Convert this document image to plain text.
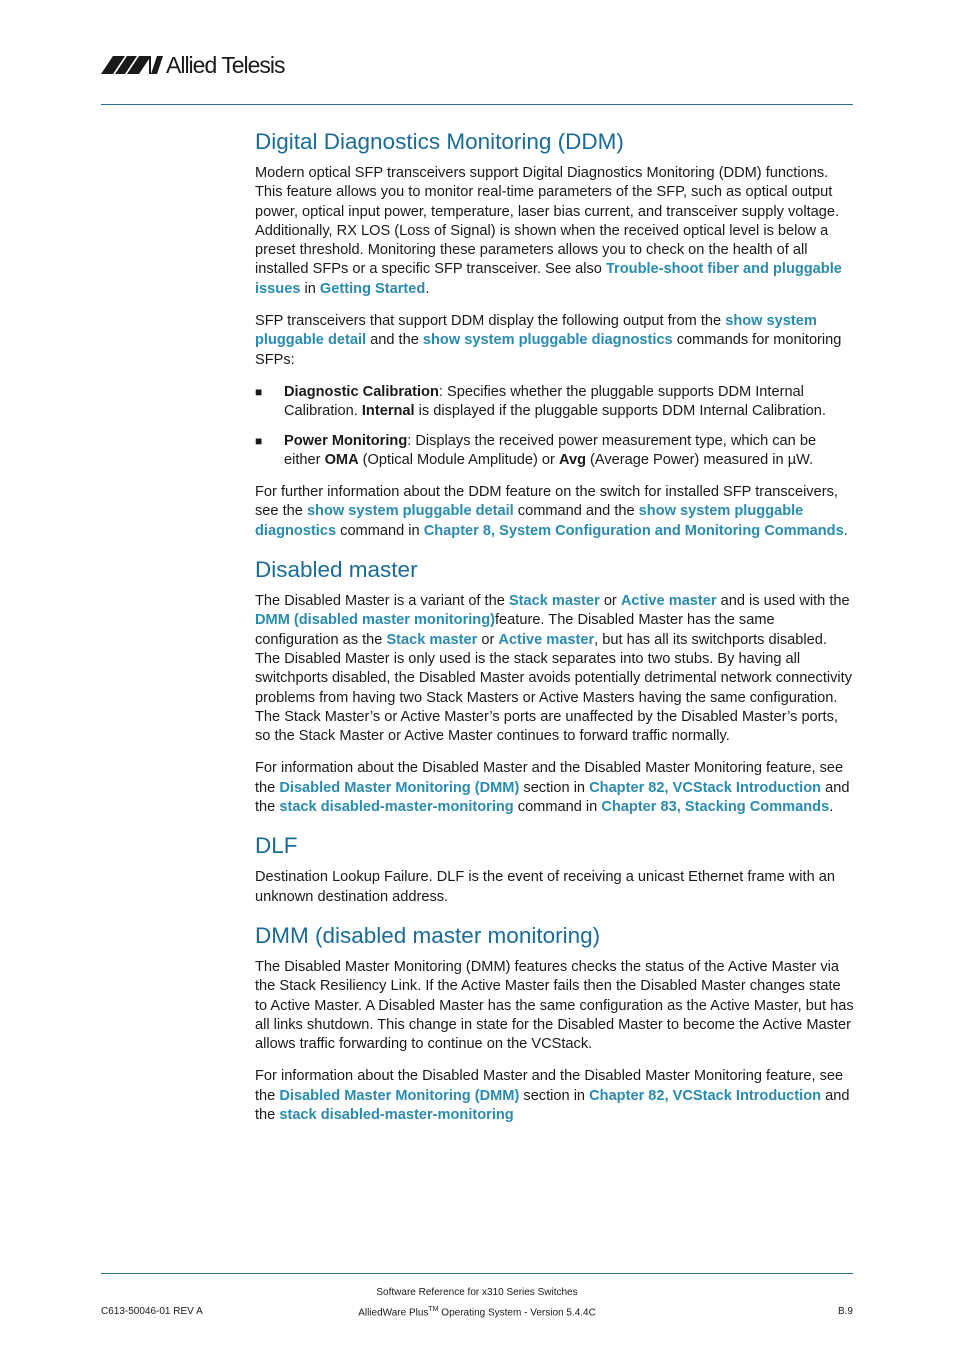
Allied Telesis
Digital Diagnostics Monitoring (DDM)

Modern optical SFP transceivers support Digital Diagnostics Monitoring (DDM) functions. This feature allows you to monitor real-time parameters of the SFP, such as optical output power, optical input power, temperature, laser bias current, and transceiver supply voltage. Additionally, RX LOS (Loss of Signal) is shown when the received optical level is below a preset threshold. Monitoring these parameters allows you to check on the health of all installed SFPs or a specific SFP transceiver. See also Trouble-shoot fiber and pluggable issues in Getting Started.

SFP transceivers that support DDM display the following output from the show system pluggable detail and the show system pluggable diagnostics commands for monitoring SFPs:

■ Diagnostic Calibration: Specifies whether the pluggable supports DDM Internal Calibration. Internal is displayed if the pluggable supports DDM Internal Calibration.
■ Power Monitoring: Displays the received power measurement type, which can be either OMA (Optical Module Amplitude) or Avg (Average Power) measured in µW.

For further information about the DDM feature on the switch for installed SFP transceivers, see the show system pluggable detail command and the show system pluggable diagnostics command in Chapter 8, System Configuration and Monitoring Commands.

Disabled master

The Disabled Master is a variant of the Stack master or Active master and is used with the DMM (disabled master monitoring)feature. The Disabled Master has the same configuration as the Stack master or Active master, but has all its switchports disabled. The Disabled Master is only used is the stack separates into two stubs. By having all switchports disabled, the Disabled Master avoids potentially detrimental network connectivity problems from having two Stack Masters or Active Masters having the same configuration. The Stack Master’s or Active Master’s ports are unaffected by the Disabled Master’s ports, so the Stack Master or Active Master continues to forward traffic normally.

For information about the Disabled Master and the Disabled Master Monitoring feature, see the Disabled Master Monitoring (DMM) section in Chapter 82, VCStack Introduction and the stack disabled-master-monitoring command in Chapter 83, Stacking Commands.

DLF

Destination Lookup Failure. DLF is the event of receiving a unicast Ethernet frame with an unknown destination address.

DMM (disabled master monitoring)

The Disabled Master Monitoring (DMM) features checks the status of the Active Master via the Stack Resiliency Link. If the Active Master fails then the Disabled Master changes state to Active Master. A Disabled Master has the same configuration as the Active Master, but has all links shutdown. This change in state for the Disabled Master to become the Active Master allows traffic forwarding to continue on the VCStack.

For information about the Disabled Master and the Disabled Master Monitoring feature, see the Disabled Master Monitoring (DMM) section in Chapter 82, VCStack Introduction and the stack disabled-master-monitoring

Software Reference for x310 Series Switches
AlliedWare Plus™ Operating System - Version 5.4.4C
C613-50046-01 REV A	B.9
